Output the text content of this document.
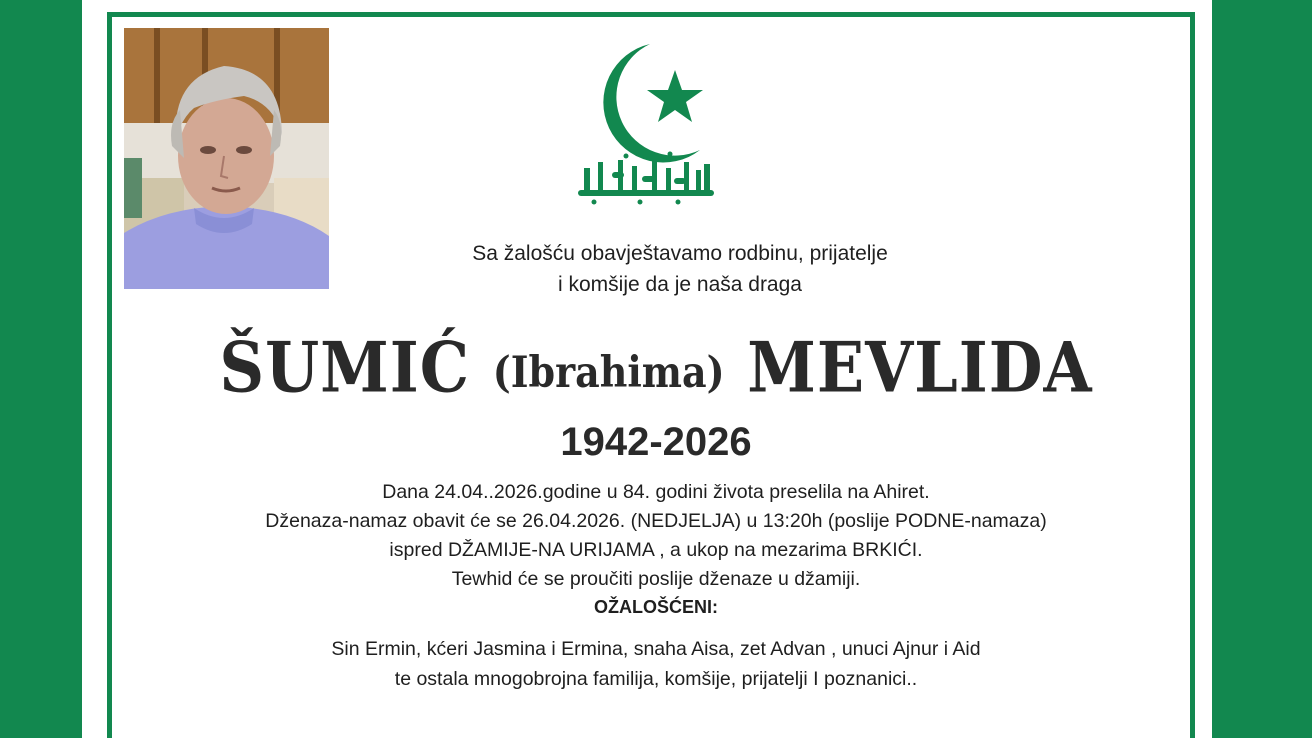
Sa žalošću obavještavamo rodbinu, prijatelje
i komšije da je naša draga
ŠUMIĆ (Ibrahima) MEVLIDA
1942-2026
Dana 24.04..2026.godine u 84. godini života preselila na Ahiret.
Dženaza-namaz obavit će se 26.04.2026. (NEDJELJA) u 13:20h (poslije PODNE-namaza)
ispred DŽAMIJE-NA URIJAMA , a ukop na mezarima BRKIĆI.
Tewhid će se proučiti poslije dženaze u džamiji.
OŽALOŠĆENI:
Sin Ermin, kćeri Jasmina i Ermina, snaha Aisa, zet Advan , unuci Ajnur i Aid
te ostala mnogobrojna familija, komšije, prijatelji I poznanici..
